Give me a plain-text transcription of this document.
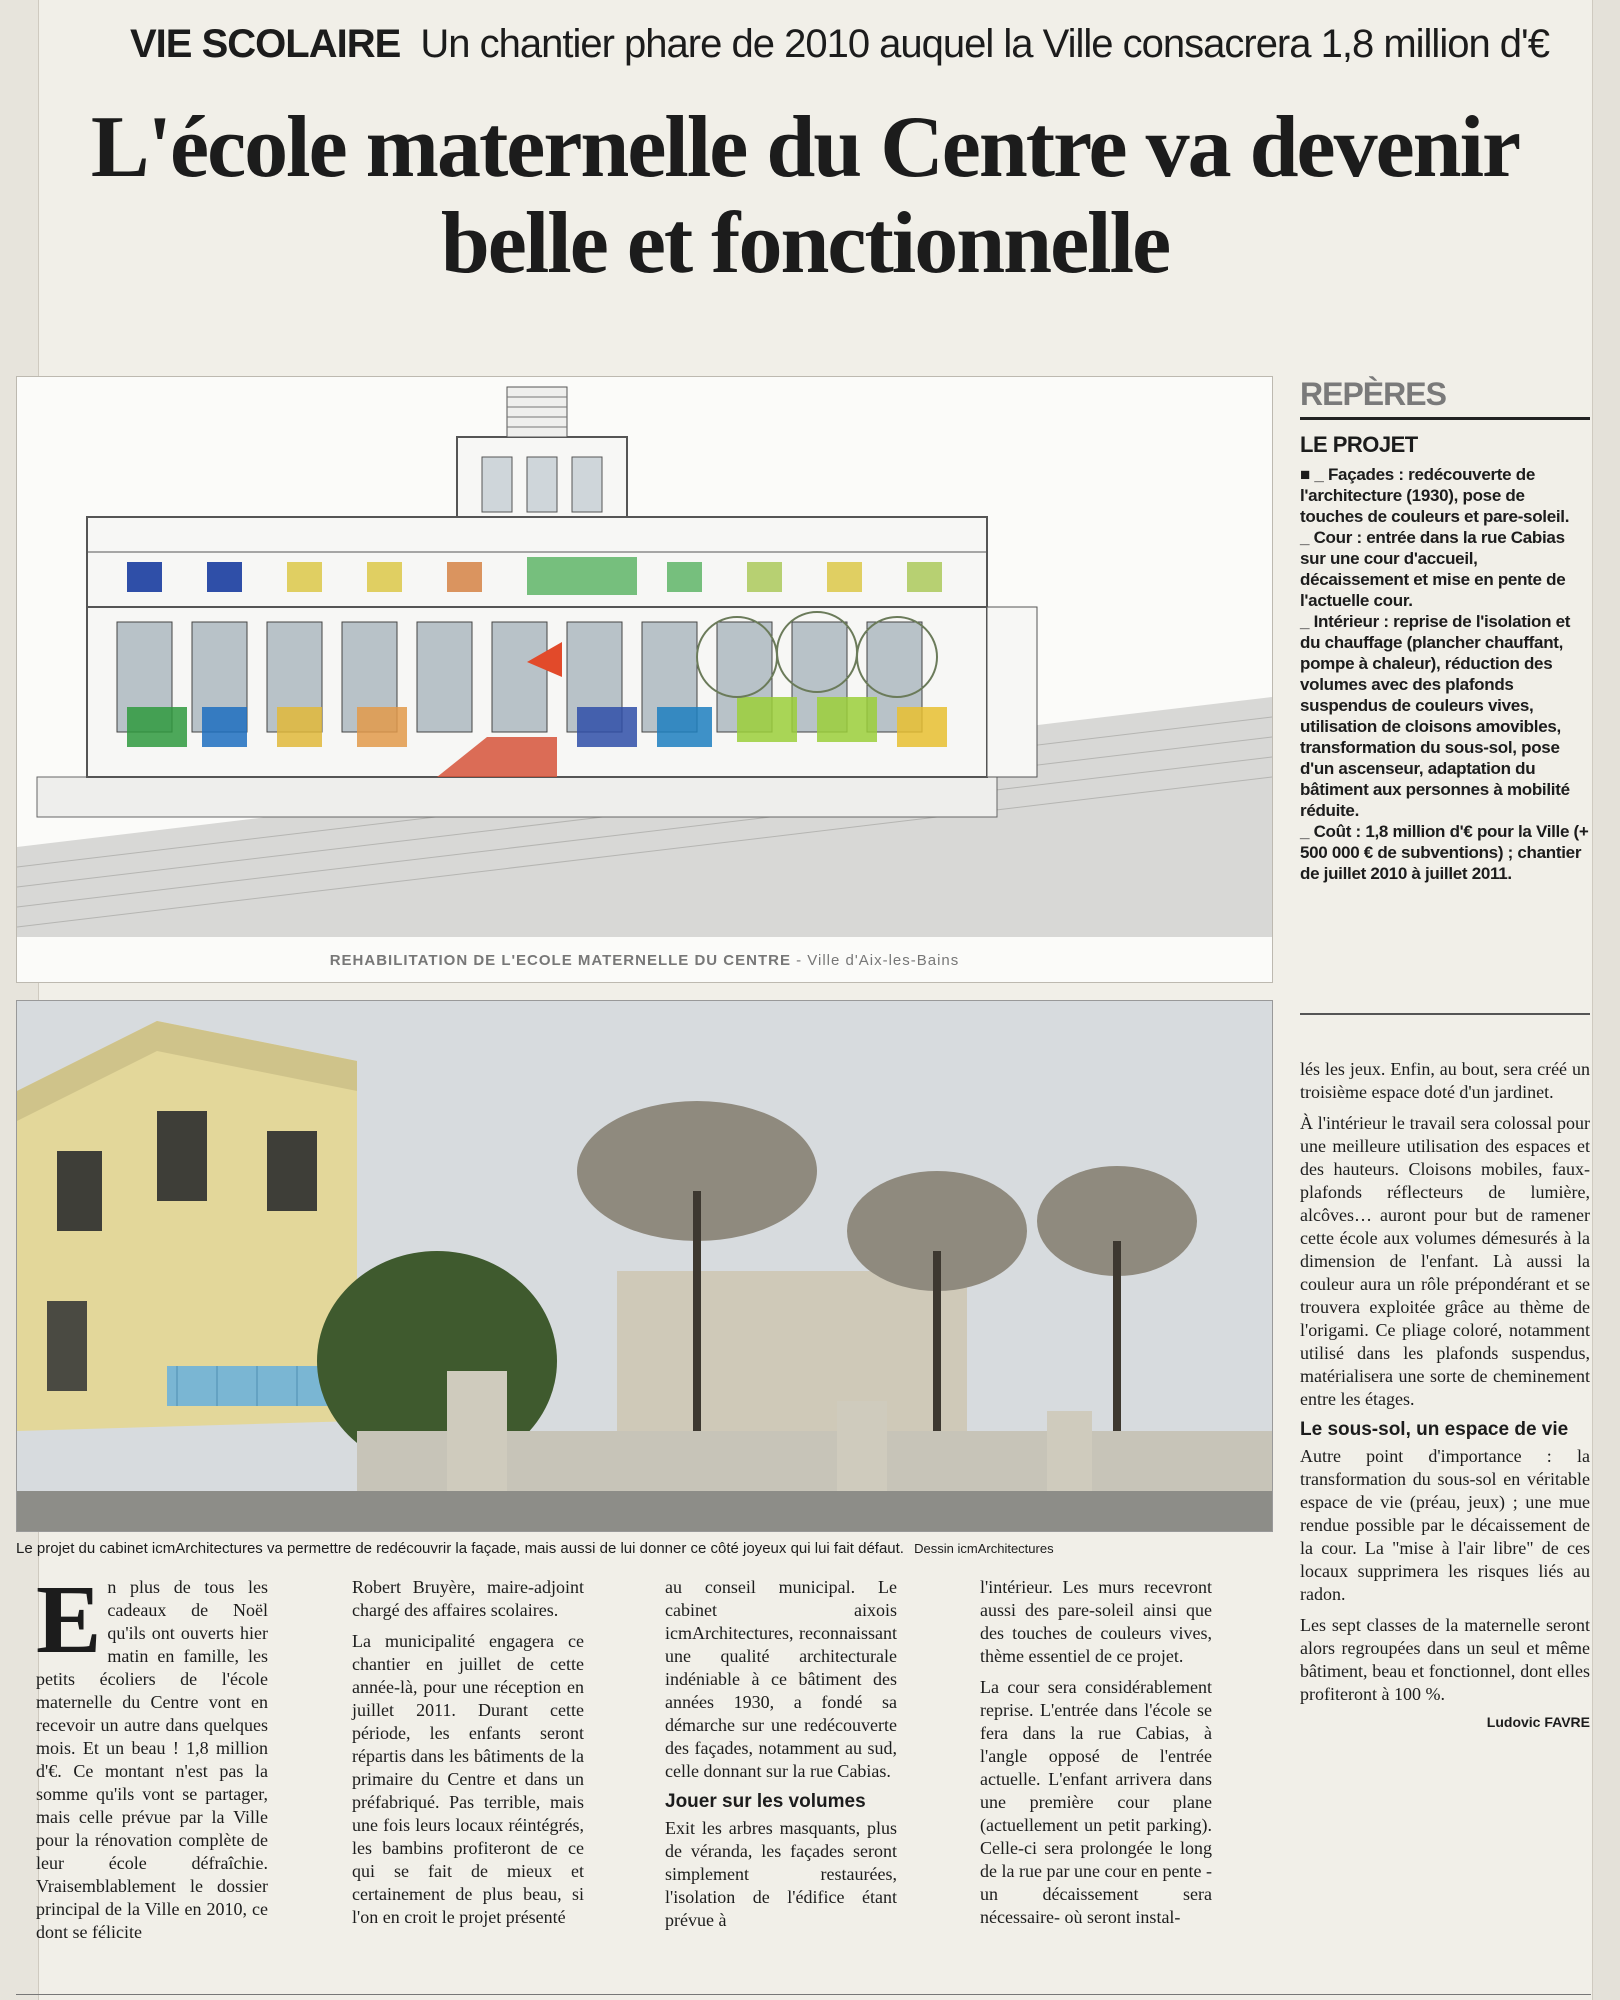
VIE SCOLAIRE Un chantier phare de 2010 auquel la Ville consacrera 1,8 million d'€
L'école maternelle du Centre va devenir belle et fonctionnelle
REHABILITATION DE L'ECOLE MATERNELLE DU CENTRE - Ville d'Aix-les-Bains
Le projet du cabinet icmArchitectures va permettre de redécouvrir la façade, mais aussi de lui donner ce côté joyeux qui lui fait défaut. Dessin icmArchitectures
REPÈRES
LE PROJET

■ _ Façades : redécouverte de l'architecture (1930), pose de touches de couleurs et pare-soleil.

_ Cour : entrée dans la rue Cabias sur une cour d'accueil, décaissement et mise en pente de l'actuelle cour.

_ Intérieur : reprise de l'isolation et du chauffage (plancher chauffant, pompe à chaleur), réduction des volumes avec des plafonds suspendus de couleurs vives, utilisation de cloisons amovibles, transformation du sous-sol, pose d'un ascenseur, adaptation du bâtiment aux personnes à mobilité réduite.

_ Coût : 1,8 million d'€ pour la Ville (+ 500 000 € de subventions) ; chantier de juillet 2010 à juillet 2011.

lés les jeux. Enfin, au bout, sera créé un troisième espace doté d'un jardinet.

À l'intérieur le travail sera colossal pour une meilleure utilisation des espaces et des hauteurs. Cloisons mobiles, faux-plafonds réflecteurs de lumière, alcôves… auront pour but de ramener cette école aux volumes démesurés à la dimension de l'enfant. Là aussi la couleur aura un rôle prépondérant et se trouvera exploitée grâce au thème de l'origami. Ce pliage coloré, notamment utilisé dans les plafonds suspendus, matérialisera une sorte de cheminement entre les étages.

Le sous-sol, un espace de vie

Autre point d'importance : la transformation du sous-sol en véritable espace de vie (préau, jeux) ; une mue rendue possible par le décaissement de la cour. La "mise à l'air libre" de ces locaux supprimera les risques liés au radon.

Les sept classes de la maternelle seront alors regroupées dans un seul et même bâtiment, beau et fonctionnel, dont elles profiteront à 100 %.

Ludovic FAVRE

En plus de tous les cadeaux de Noël qu'ils ont ouverts hier matin en famille, les petits écoliers de l'école maternelle du Centre vont en recevoir un autre dans quelques mois. Et un beau ! 1,8 million d'€. Ce montant n'est pas la somme qu'ils vont se partager, mais celle prévue par la Ville pour la rénovation complète de leur école défraîchie. Vraisemblablement le dossier principal de la Ville en 2010, ce dont se félicite

Robert Bruyère, maire-adjoint chargé des affaires scolaires.

La municipalité engagera ce chantier en juillet de cette année-là, pour une réception en juillet 2011. Durant cette période, les enfants seront répartis dans les bâtiments de la primaire du Centre et dans un préfabriqué. Pas terrible, mais une fois leurs locaux réintégrés, les bambins profiteront de ce qui se fait de mieux et certainement de plus beau, si l'on en croit le projet présenté

au conseil municipal. Le cabinet aixois icmArchitectures, reconnaissant une qualité architecturale indéniable à ce bâtiment des années 1930, a fondé sa démarche sur une redécouverte des façades, notamment au sud, celle donnant sur la rue Cabias.

Jouer sur les volumes

Exit les arbres masquants, plus de véranda, les façades seront simplement restaurées, l'isolation de l'édifice étant prévue à

l'intérieur. Les murs recevront aussi des pare-soleil ainsi que des touches de couleurs vives, thème essentiel de ce projet.

La cour sera considérablement reprise. L'entrée dans l'école se fera dans la rue Cabias, à l'angle opposé de l'entrée actuelle. L'enfant arrivera dans une première cour plane (actuellement un petit parking). Celle-ci sera prolongée le long de la rue par une cour en pente -un décaissement sera nécessaire- où seront instal-
